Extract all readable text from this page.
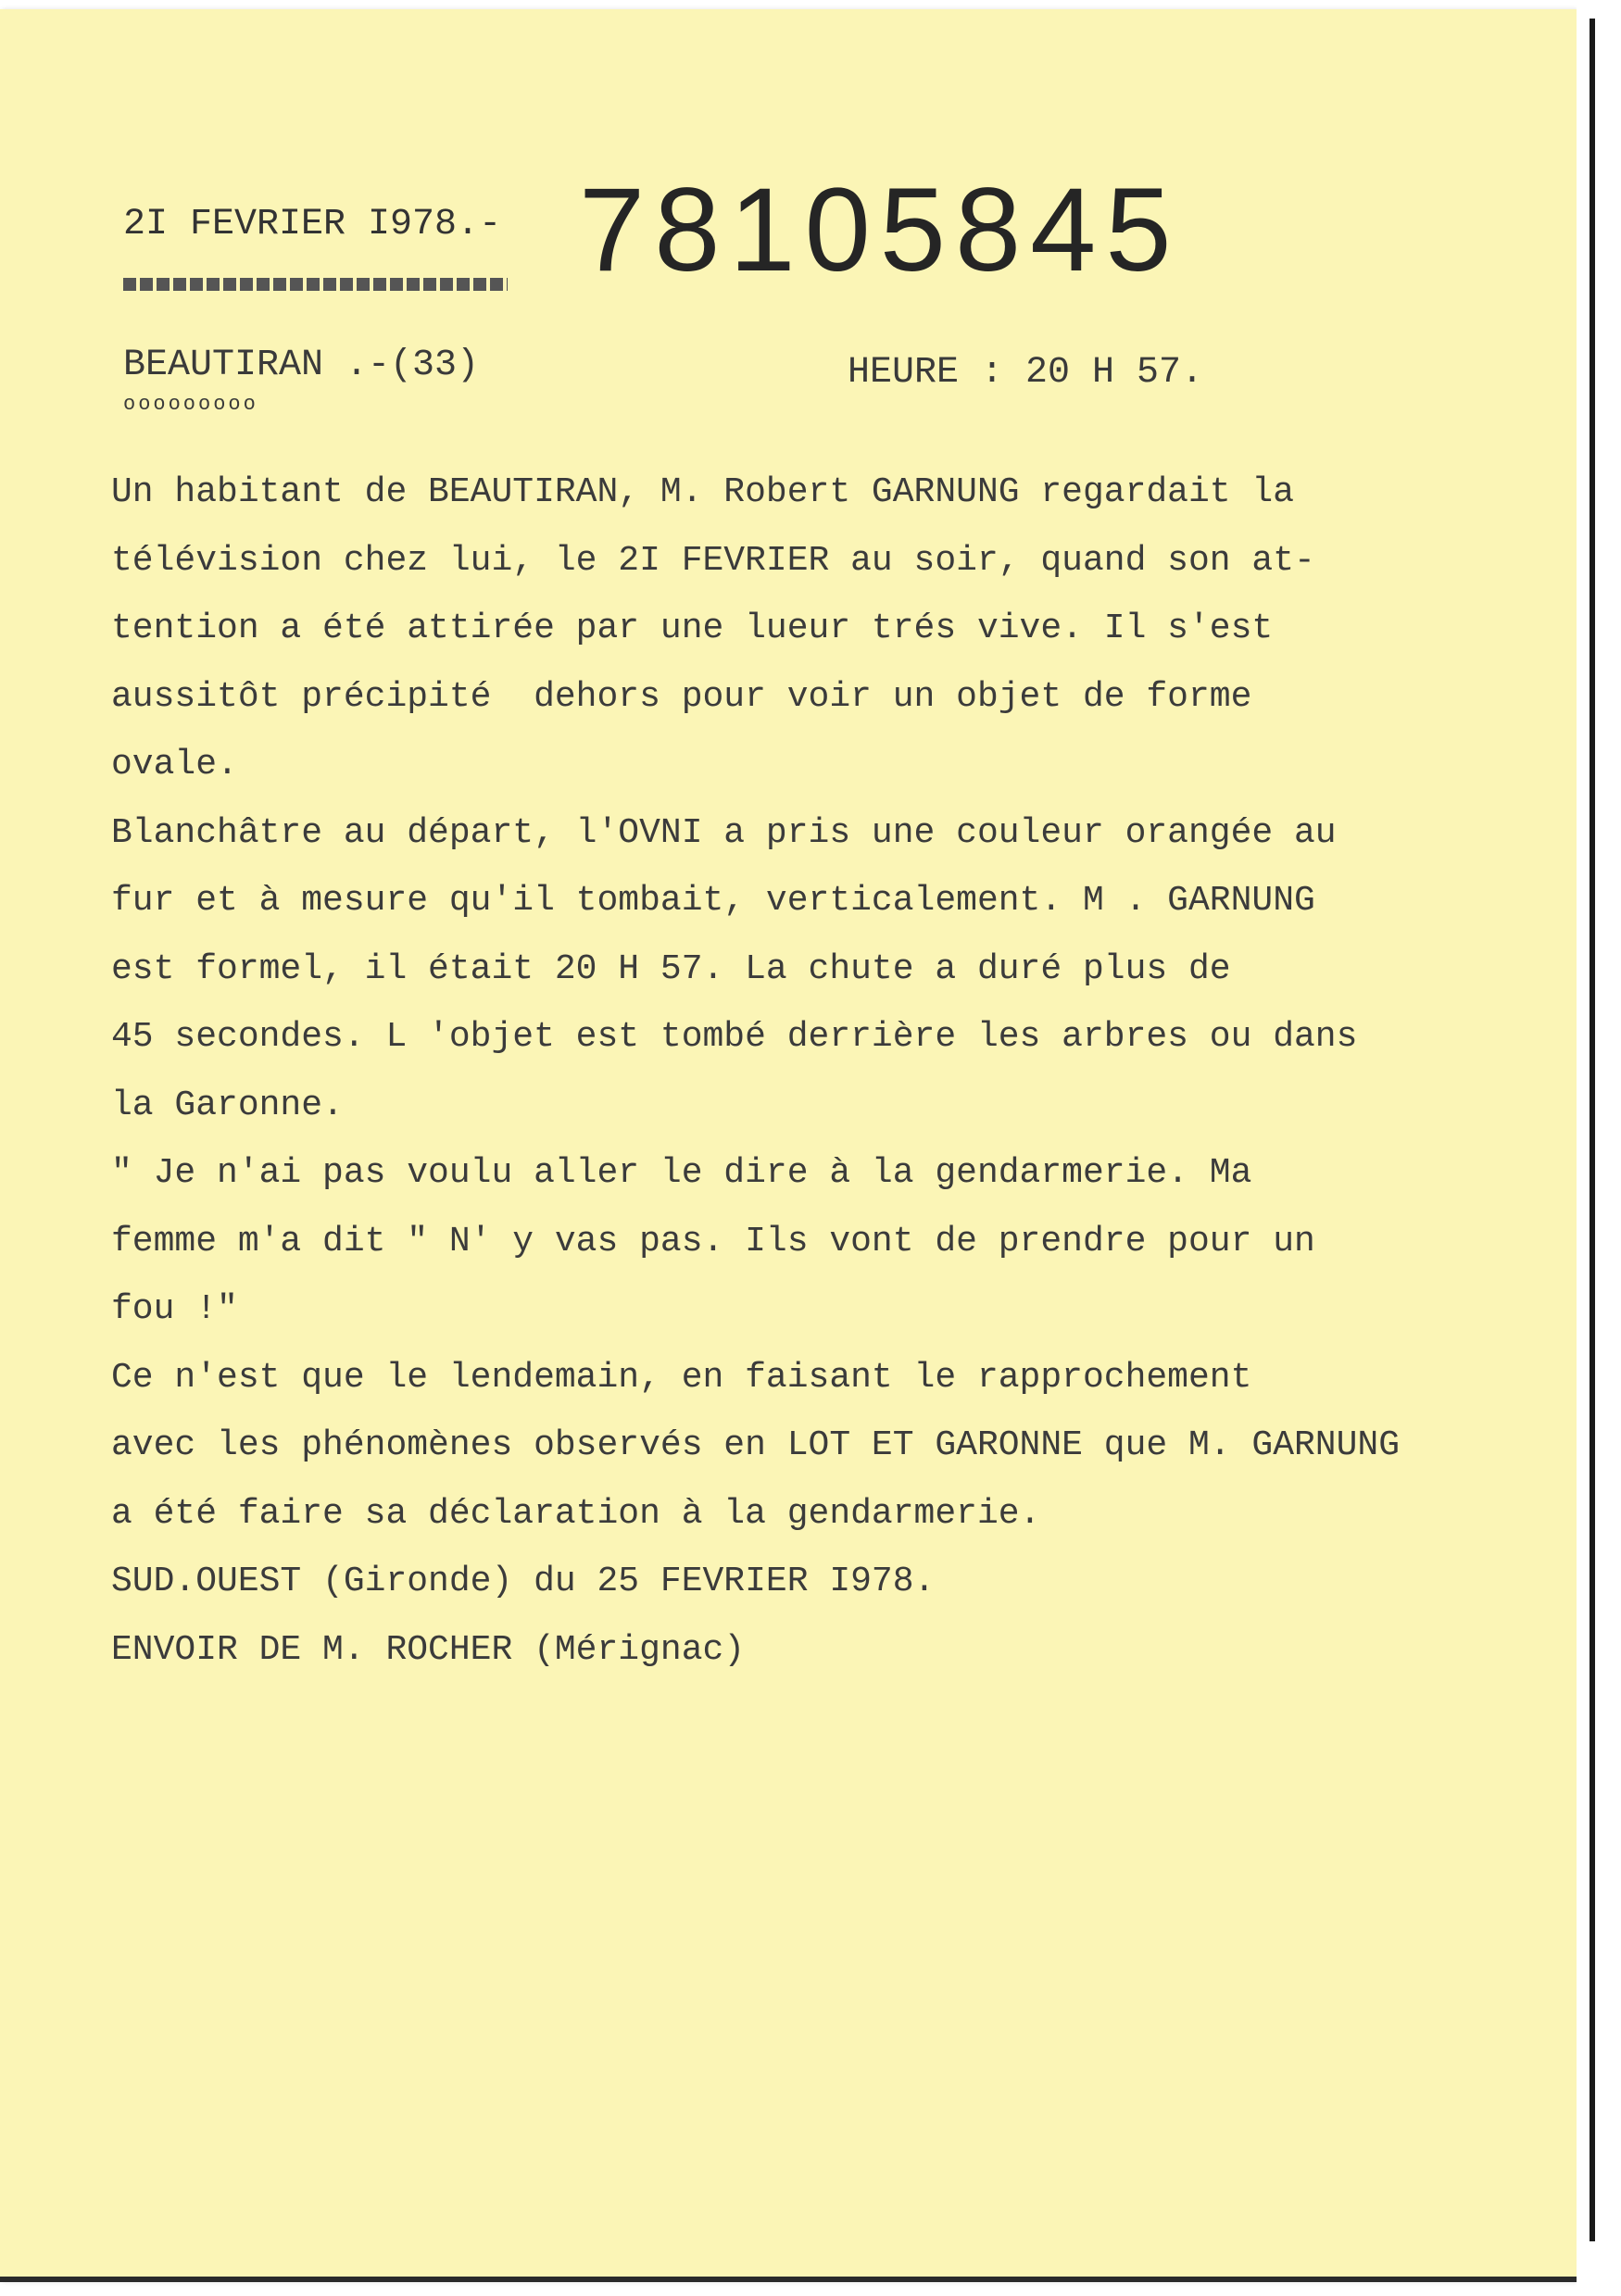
2I FEVRIER I978.- 78105845
BEAUTIRAN .-(33)
ooooooooo
HEURE : 20 H 57.
Un habitant de BEAUTIRAN, M. Robert GARNUNG regardait la
télévision chez lui, le 2I FEVRIER au soir, quand son at-
tention a été attirée par une lueur trés vive. Il s'est
aussitôt précipité  dehors pour voir un objet de forme
ovale.
Blanchâtre au départ, l'OVNI a pris une couleur orangée au
fur et à mesure qu'il tombait, verticalement. M . GARNUNG
est formel, il était 20 H 57. La chute a duré plus de
45 secondes. L 'objet est tombé derrière les arbres ou dans
la Garonne.
" Je n'ai pas voulu aller le dire à la gendarmerie. Ma
femme m'a dit " N' y vas pas. Ils vont de prendre pour un
fou !"
Ce n'est que le lendemain, en faisant le rapprochement
avec les phénomènes observés en LOT ET GARONNE que M. GARNUNG
a été faire sa déclaration à la gendarmerie.
SUD.OUEST (Gironde) du 25 FEVRIER I978.
ENVOIR DE M. ROCHER (Mérignac)
